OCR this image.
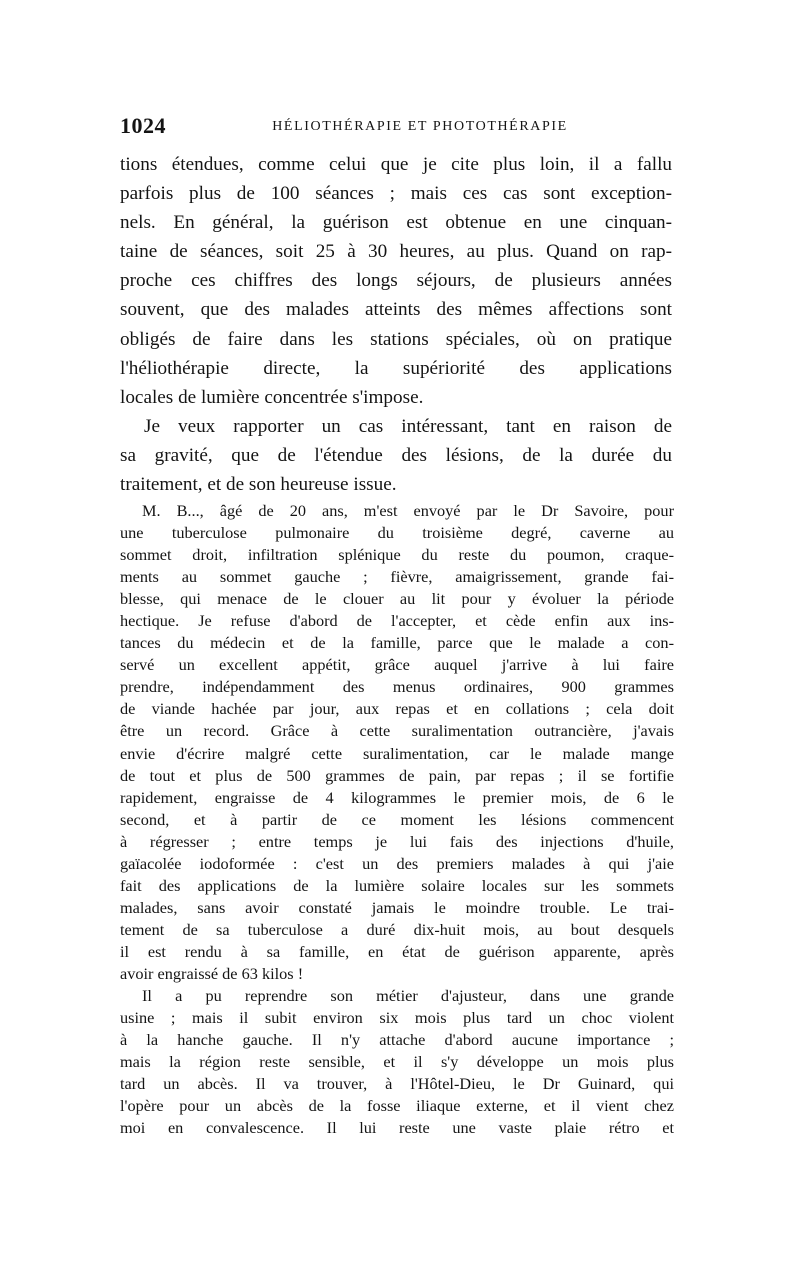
1024	HÉLIOTHÉRAPIE ET PHOTOTHÉRAPIE
tions étendues, comme celui que je cite plus loin, il a fallu
parfois plus de 100 séances ; mais ces cas sont exception-
nels. En général, la guérison est obtenue en une cinquan-
taine de séances, soit 25 à 30 heures, au plus. Quand on rap-
proche ces chiffres des longs séjours, de plusieurs années
souvent, que des malades atteints des mêmes affections sont
obligés de faire dans les stations spéciales, où on pratique
l'héliothérapie directe, la supériorité des applications
locales de lumière concentrée s'impose.
Je veux rapporter un cas intéressant, tant en raison de
sa gravité, que de l'étendue des lésions, de la durée du
traitement, et de son heureuse issue.
M. B..., âgé de 20 ans, m'est envoyé par le Dr Savoire, pour
une tuberculose pulmonaire du troisième degré, caverne au
sommet droit, infiltration splénique du reste du poumon, craque-
ments au sommet gauche ; fièvre, amaigrissement, grande fai-
blesse, qui menace de le clouer au lit pour y évoluer la période
hectique. Je refuse d'abord de l'accepter, et cède enfin aux ins-
tances du médecin et de la famille, parce que le malade a con-
servé un excellent appétit, grâce auquel j'arrive à lui faire
prendre, indépendamment des menus ordinaires, 900 grammes
de viande hachée par jour, aux repas et en collations ; cela doit
être un record. Grâce à cette suralimentation outrancière, j'avais
envie d'écrire malgré cette suralimentation, car le malade mange
de tout et plus de 500 grammes de pain, par repas ; il se fortifie
rapidement, engraisse de 4 kilogrammes le premier mois, de 6 le
second, et à partir de ce moment les lésions commencent
à régresser ; entre temps je lui fais des injections d'huile,
gaïacolée iodoformée : c'est un des premiers malades à qui j'aie
fait des applications de la lumière solaire locales sur les sommets
malades, sans avoir constaté jamais le moindre trouble. Le trai-
tement de sa tuberculose a duré dix-huit mois, au bout desquels
il est rendu à sa famille, en état de guérison apparente, après
avoir engraissé de 63 kilos !
Il a pu reprendre son métier d'ajusteur, dans une grande
usine ; mais il subit environ six mois plus tard un choc violent
à la hanche gauche. Il n'y attache d'abord aucune importance ;
mais la région reste sensible, et il s'y développe un mois plus
tard un abcès. Il va trouver, à l'Hôtel-Dieu, le Dr Guinard, qui
l'opère pour un abcès de la fosse iliaque externe, et il vient chez
moi en convalescence. Il lui reste une vaste plaie rétro et
